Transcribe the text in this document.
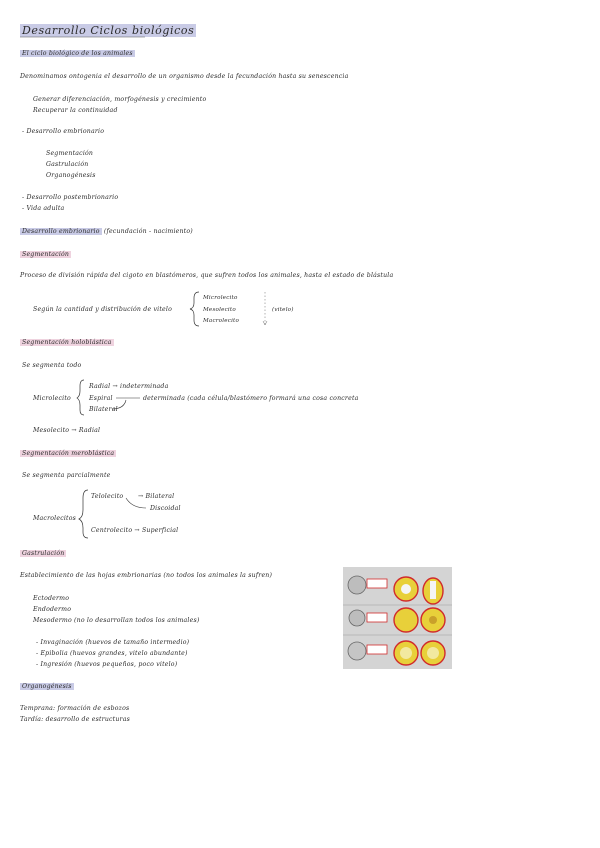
Desarrollo Ciclos biológicos
El ciclo biológico de los animales
Denominamos ontogenia el desarrollo de un organismo desde la fecundación hasta su senescencia
Generar diferenciación, morfogénesis y crecimiento
Recuperar la continuidad
- Desarrollo embrionario
Segmentación
Gastrulación
Organogénesis
- Desarrollo postembrionario
- Vida adulta
Desarrollo embrionario (fecundación - nacimiento)
Segmentación
Proceso de división rápida del cigoto en blastómeros, que sufren todos los animales, hasta el estado de blástula
Según la cantidad y distribución de vitelo
Microlecito
Mesolecito
Macrolecito
(vitelo)
Segmentación holoblástica
Se segmenta todo
Microlecito
Radial → indeterminada
Espiral
Bilateral
determinada (cada célula/blastómero formará una cosa concreta
Mesolecito → Radial
Segmentación meroblástica
Se segmenta parcialmente
Macrolecitos
Telolecito → Bilateral
Discoidal
Centrolecito → Superficial
Gastrulación
Establecimiento de las hojas embrionarias (no todos los animales la sufren)
Ectodermo
Endodermo
Mesodermo (no lo desarrollan todos los animales)
- Invaginación (huevos de tamaño intermedio)
- Epibolia (huevos grandes, vitelo abundante)
- Ingresión (huevos pequeños, poco vitelo)
Organogénesis
Temprana: formación de esbozos
Tardía: desarrollo de estructuras
